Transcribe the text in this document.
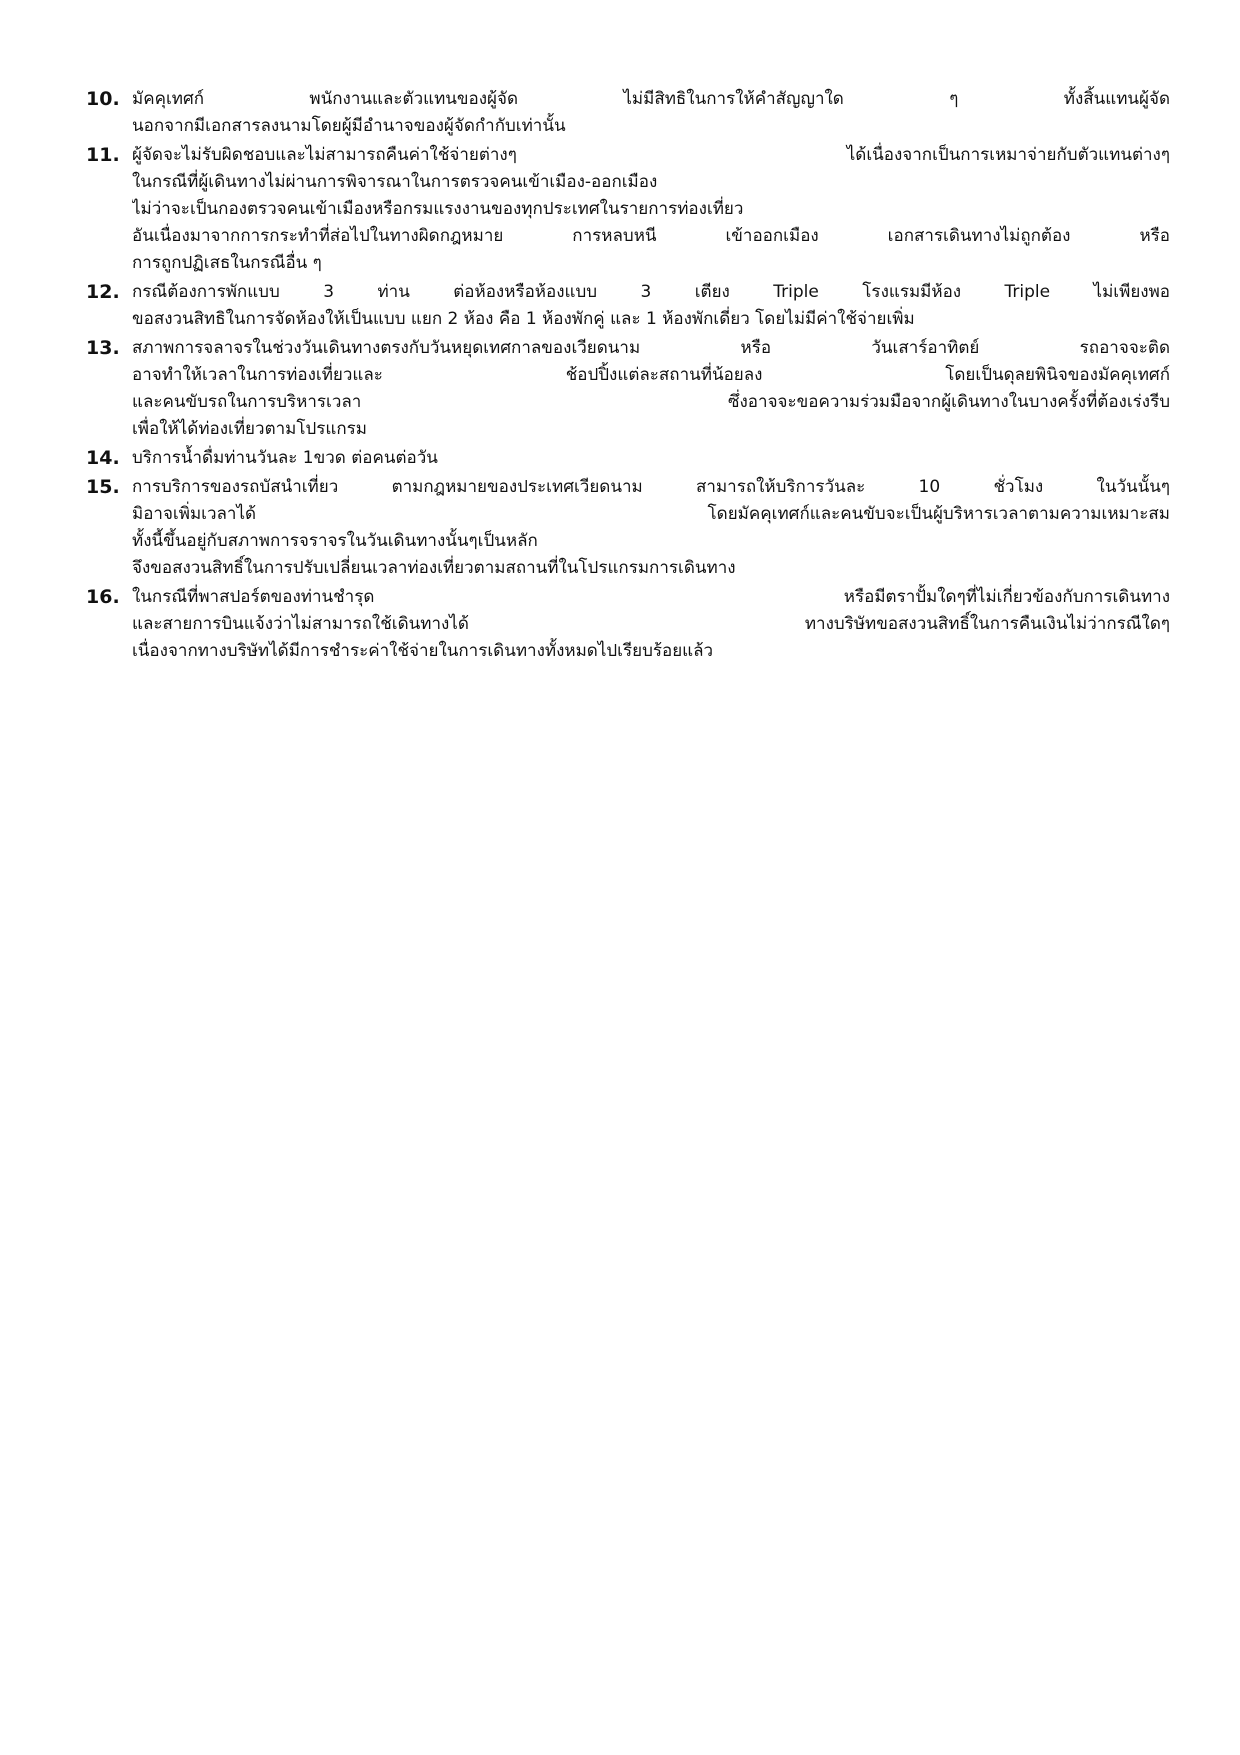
10. มัคคุเทศก์ พนักงานและตัวแทนของผู้จัด ไม่มีสิทธิในการให้คำสัญญาใด ๆ ทั้งสิ้นแทนผู้จัด
นอกจากมีเอกสารลงนามโดยผู้มีอำนาจของผู้จัดกำกับเท่านั้น
11. ผู้จัดจะไม่รับผิดชอบและไม่สามารถคืนค่าใช้จ่ายต่างๆ ได้เนื่องจากเป็นการเหมาจ่ายกับตัวแทนต่างๆ
ในกรณีที่ผู้เดินทางไม่ผ่านการพิจารณาในการตรวจคนเข้าเมือง-ออกเมือง
ไม่ว่าจะเป็นกองตรวจคนเข้าเมืองหรือกรมแรงงานของทุกประเทศในรายการท่องเที่ยว
อันเนื่องมาจากการกระทำที่ส่อไปในทางผิดกฎหมาย การหลบหนี เข้าออกเมือง เอกสารเดินทางไม่ถูกต้อง หรือ
การถูกปฏิเสธในกรณีอื่น ๆ
12. กรณีต้องการพักแบบ 3 ท่าน ต่อห้องหรือห้องแบบ 3 เตียง Triple โรงแรมมีห้อง Triple ไม่เพียงพอ
ขอสงวนสิทธิในการจัดห้องให้เป็นแบบ แยก 2 ห้อง คือ 1 ห้องพักคู่ และ 1 ห้องพักเดี่ยว โดยไม่มีค่าใช้จ่ายเพิ่ม
13. สภาพการจลาจรในช่วงวันเดินทางตรงกับวันหยุดเทศกาลของเวียดนาม หรือ วันเสาร์อาทิตย์ รถอาจจะติด
อาจทำให้เวลาในการท่องเที่ยวและ ช้อปปิ้งแต่ละสถานที่น้อยลง โดยเป็นดุลยพินิจของมัคคุเทศก์
และคนขับรถในการบริหารเวลา ซึ่งอาจจะขอความร่วมมือจากผู้เดินทางในบางครั้งที่ต้องเร่งรีบ
เพื่อให้ได้ท่องเที่ยวตามโปรแกรม
14. บริการน้ำดื่มท่านวันละ 1ขวด ต่อคนต่อวัน
15. การบริการของรถบัสนำเที่ยว ตามกฎหมายของประเทศเวียดนาม สามารถให้บริการวันละ 10 ชั่วโมง ในวันนั้นๆ
มิอาจเพิ่มเวลาได้ โดยมัคคุเทศก์และคนขับจะเป็นผู้บริหารเวลาตามความเหมาะสม
ทั้งนี้ขึ้นอยู่กับสภาพการจราจรในวันเดินทางนั้นๆเป็นหลัก
จึงขอสงวนสิทธิ์ในการปรับเปลี่ยนเวลาท่องเที่ยวตามสถานที่ในโปรแกรมการเดินทาง
16. ในกรณีที่พาสปอร์ตของท่านชำรุด หรือมีตราปั้มใดๆที่ไม่เกี่ยวข้องกับการเดินทาง
และสายการบินแจ้งว่าไม่สามารถใช้เดินทางได้ ทางบริษัทขอสงวนสิทธิ์ในการคืนเงินไม่ว่ากรณีใดๆ
เนื่องจากทางบริษัทได้มีการชำระค่าใช้จ่ายในการเดินทางทั้งหมดไปเรียบร้อยแล้ว
